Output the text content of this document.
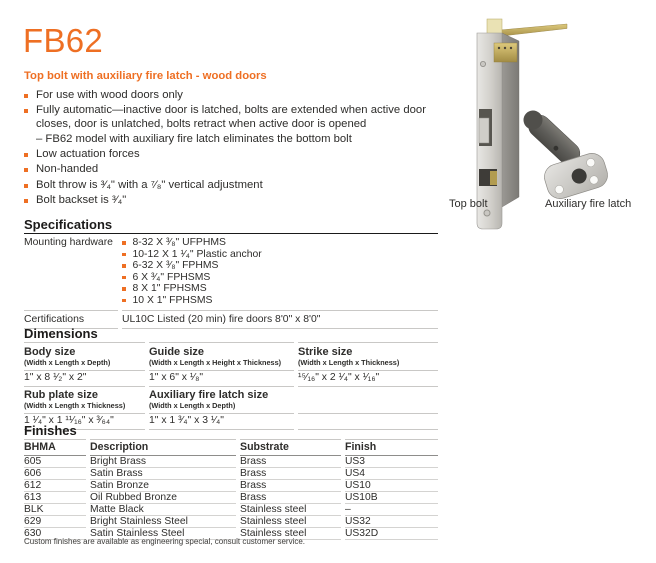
FB62
Top bolt with auxiliary fire latch - wood doors
For use with wood doors only
Fully automatic—inactive door is latched, bolts are extended when active door closes, door is unlatched, bolts retract when active door is opened
– FB62 model with auxiliary fire latch eliminates the bottom bolt
Low actuation forces
Non-handed
Bolt throw is ³⁄₄" with a ⁷⁄₈" vertical adjustment
Bolt backset is ³⁄₄"
Specifications
Mounting hardware	8-32 X ³⁄₈" UFPHMS
10-12 X 1 ¹⁄₄" Plastic anchor
6-32 X ³⁄₈" FPHMS
6 X ³⁄₄" FPHSMS
8 X 1" FPHSMS
10 X 1" FPHSMS
Certifications	UL10C Listed (20 min) fire doors 8'0" x 8'0"
Dimensions
Body size
(Width x Length x Depth)
Guide size
(Width x Length x Height x Thickness)
Strike size
(Width x Length x Thickness)
1" x 8 ¹⁄₂" x 2"	1" x 6" x ¹⁄₈"	¹⁵⁄₁₆" x 2 ¹⁄₄" x ¹⁄₁₆"
Rub plate size
(Width x Length x Thickness)
Auxiliary fire latch size
(Width x Length x Depth)
1 ¹⁄₄" x 1 ¹¹⁄₁₆" x ³⁄₆₄"	1" x 1 ³⁄₄" x 3 ¹⁄₄"
Finishes
BHMA	Description	Substrate	Finish
605	Bright Brass	Brass	US3
606	Satin Brass	Brass	US4
612	Satin Bronze	Brass	US10
613	Oil Rubbed Bronze	Brass	US10B
BLK	Matte Black	Stainless steel	–
629	Bright Stainless Steel	Stainless steel	US32
630	Satin Stainless Steel	Stainless steel	US32D
Custom finishes are available as engineering special, consult customer service.
Top bolt	Auxiliary fire latch
